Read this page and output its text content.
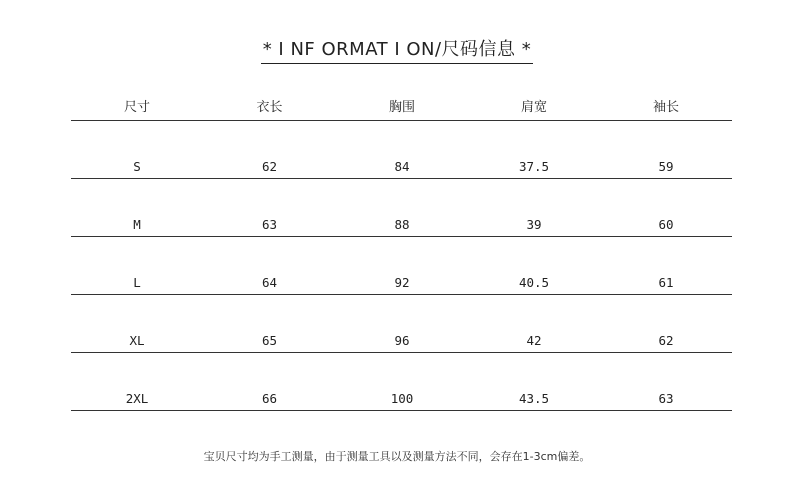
* I NF ORMAT I ON/尺码信息 *
尺寸	衣长	胸围	肩宽	袖长
S	62	84	37.5	59
M	63	88	39	60
L	64	92	40.5	61
XL	65	96	42	62
2XL	66	100	43.5	63
宝贝尺寸均为手工测量，由于测量工具以及测量方法不同，会存在1-3cm偏差。
